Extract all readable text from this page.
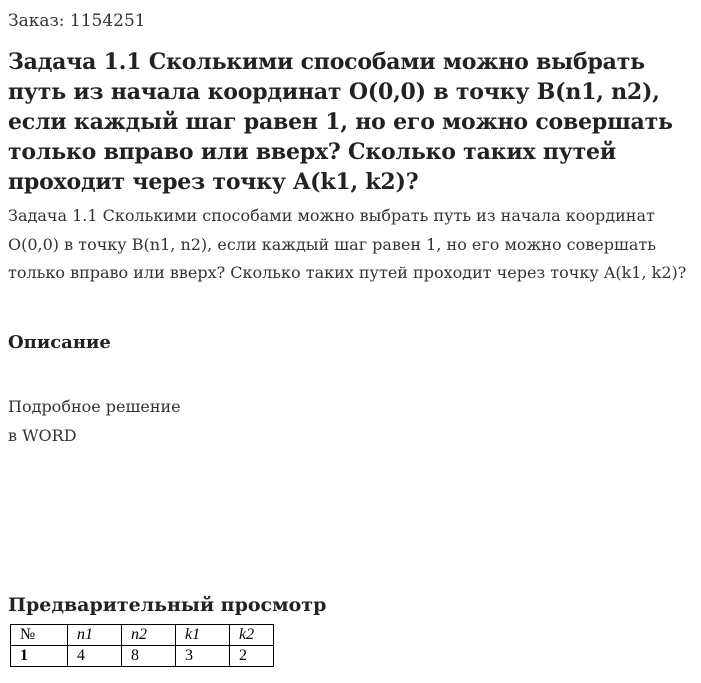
Заказ: 1154251
Задача 1.1 Сколькими способами можно выбрать путь из начала координат O(0,0) в точку B(n1, n2), если каждый шаг равен 1, но его можно совершать только вправо или вверх? Сколько таких путей проходит через точку A(k1, k2)?

Задача 1.1 Сколькими способами можно выбрать путь из начала координат O(0,0) в точку B(n1, n2), если каждый шаг равен 1, но его можно совершать только вправо или вверх? Сколько таких путей проходит через точку A(k1, k2)?

Описание
Подробное решение
в WORD
Предварительный просмотр
№	n1	n2	k1	k2
1	4	8	3	2
